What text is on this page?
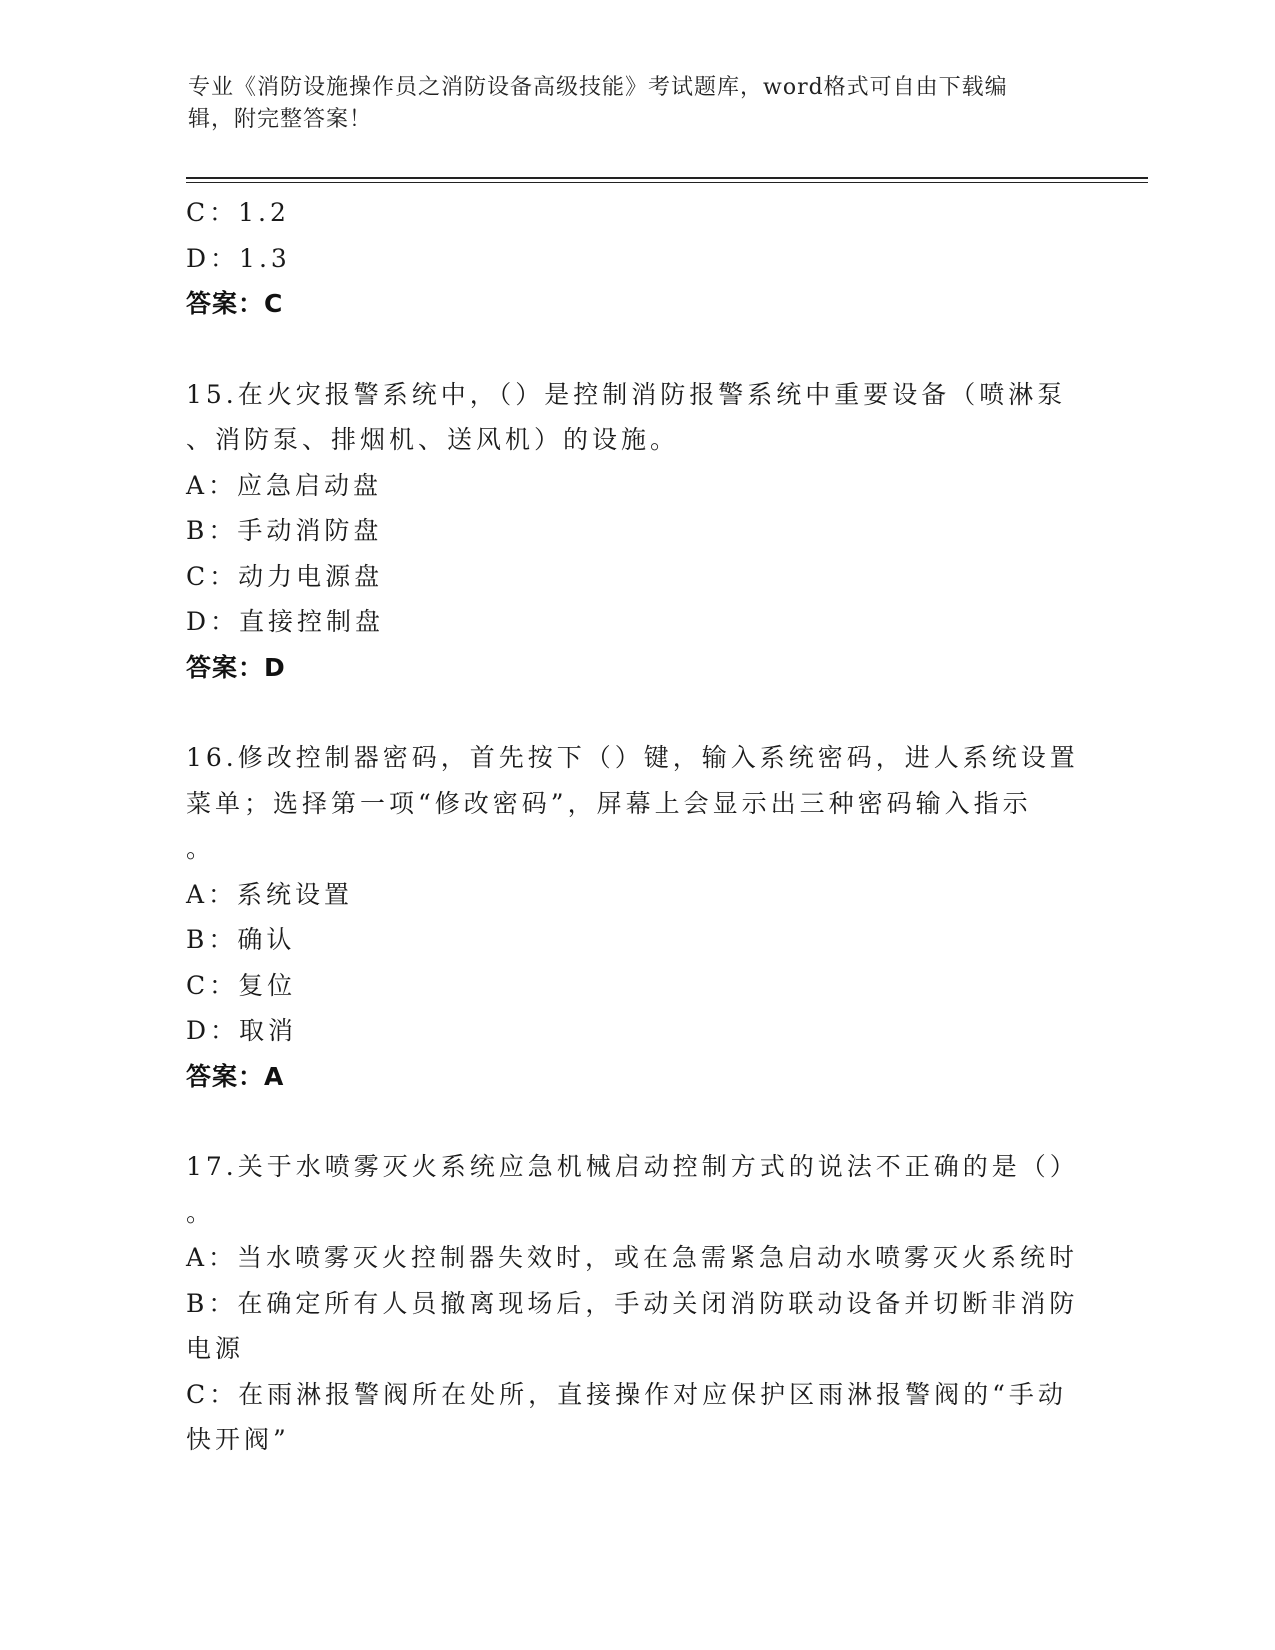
专业《消防设施操作员之消防设备高级技能》考试题库，word格式可自由下载编
辑，附完整答案！
C：1.2
D：1.3
答案：C
15.在火灾报警系统中，（）是控制消防报警系统中重要设备（喷淋泵
、消防泵、排烟机、送风机）的设施。
A：应急启动盘
B：手动消防盘
C：动力电源盘
D：直接控制盘
答案：D
16.修改控制器密码，首先按下（）键，输入系统密码，进人系统设置
菜单；选择第一项“修改密码”，屏幕上会显示出三种密码输入指示
。
A：系统设置
B：确认
C：复位
D：取消
答案：A
17.关于水喷雾灭火系统应急机械启动控制方式的说法不正确的是（）
。
A：当水喷雾灭火控制器失效时，或在急需紧急启动水喷雾灭火系统时
B：在确定所有人员撤离现场后，手动关闭消防联动设备并切断非消防
电源
C：在雨淋报警阀所在处所，直接操作对应保护区雨淋报警阀的“手动
快开阀”
